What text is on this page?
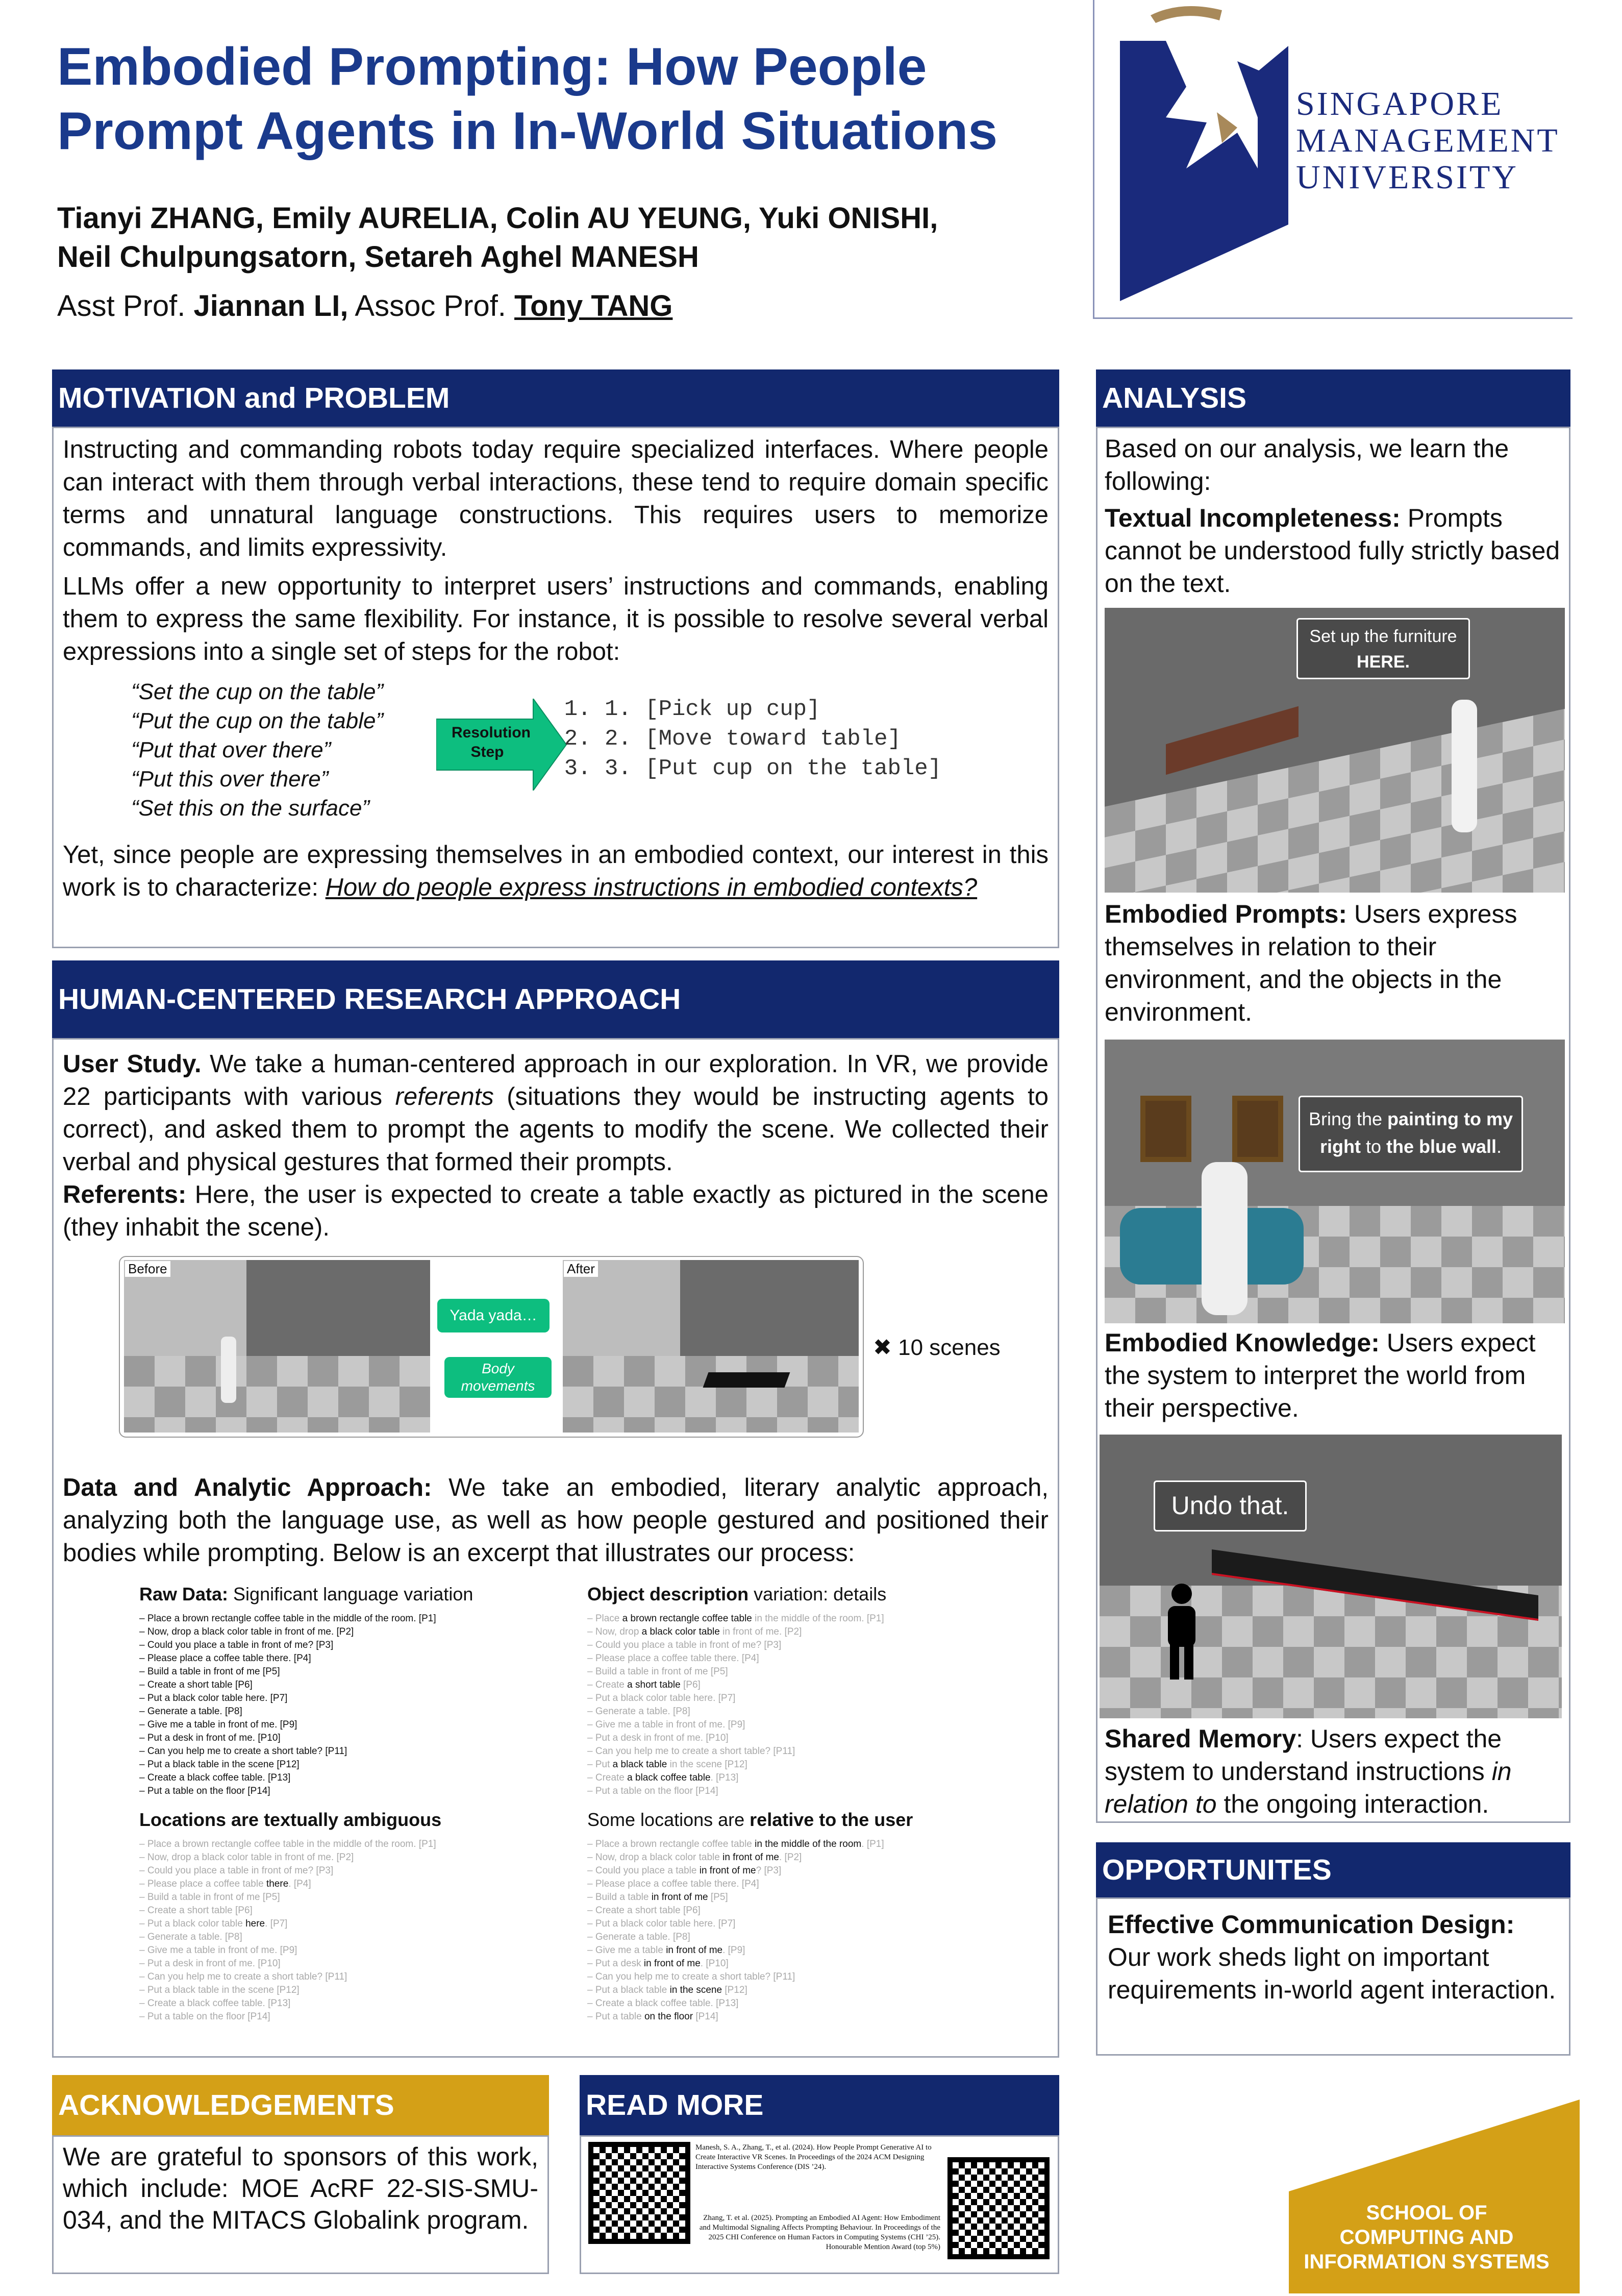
Embodied Prompting: How People
Prompt Agents in In-World Situations
Tianyi ZHANG, Emily AURELIA, Colin AU YEUNG, Yuki ONISHI,
Neil Chulpungsatorn, Setareh Aghel MANESH
Asst Prof. Jiannan LI, Assoc Prof. Tony TANG
SINGAPORE
MANAGEMENT
UNIVERSITY
MOTIVATION and PROBLEM

Instructing and commanding robots today require specialized interfaces. Where people can interact with them through verbal interactions, these tend to require domain specific terms and unnatural language constructions. This requires users to memorize commands, and limits expressivity.

LLMs offer a new opportunity to interpret users’ instructions and commands, enabling them to express the same flexibility. For instance, it is possible to resolve several verbal expressions into a single set of steps for the robot:

“Set the cup on the table”
“Put the cup on the table”
“Put that over there”
“Put this over there”
“Set this on the surface”
Resolution Step
1. 1. [Pick up cup]
2. 2. [Move toward table]
3. 3. [Put cup on the table]

Yet, since people are expressing themselves in an embodied context, our interest in this work is to characterize: How do people express instructions in embodied contexts?

HUMAN-CENTERED RESEARCH APPROACH

User Study. We take a human-centered approach in our exploration. In VR, we provide 22 participants with various referents (situations they would be instructing agents to correct), and asked them to prompt the agents to modify the scene. We collected their verbal and physical gestures that formed their prompts.

Referents: Here, the user is expected to create a table exactly as pictured in the scene (they inhabit the scene).

Before
Yada yada…
Body movements
After
✖ 10 scenes

Data and Analytic Approach: We take an embodied, literary analytic approach, analyzing both the language use, as well as how people gestured and positioned their bodies while prompting. Below is an excerpt that illustrates our process:

Raw Data: Significant language variation
– Place a brown rectangle coffee table in the middle of the room. [P1]
– Now, drop a black color table in front of me. [P2]
– Could you place a table in front of me? [P3]
– Please place a coffee table there. [P4]
– Build a table in front of me [P5]
– Create a short table [P6]
– Put a black color table here. [P7]
– Generate a table. [P8]
– Give me a table in front of me. [P9]
– Put a desk in front of me. [P10]
– Can you help me to create a short table? [P11]
– Put a black table in the scene [P12]
– Create a black coffee table. [P13]
– Put a table on the floor [P14]
Object description variation: details
– Place a brown rectangle coffee table in the middle of the room. [P1]
– Now, drop a black color table in front of me. [P2]
– Could you place a table in front of me? [P3]
– Please place a coffee table there. [P4]
– Build a table in front of me [P5]
– Create a short table [P6]
– Put a black color table here. [P7]
– Generate a table. [P8]
– Give me a table in front of me. [P9]
– Put a desk in front of me. [P10]
– Can you help me to create a short table? [P11]
– Put a black table in the scene [P12]
– Create a black coffee table. [P13]
– Put a table on the floor [P14]
Locations are textually ambiguous
– Place a brown rectangle coffee table in the middle of the room. [P1]
– Now, drop a black color table in front of me. [P2]
– Could you place a table in front of me? [P3]
– Please place a coffee table there. [P4]
– Build a table in front of me [P5]
– Create a short table [P6]
– Put a black color table here. [P7]
– Generate a table. [P8]
– Give me a table in front of me. [P9]
– Put a desk in front of me. [P10]
– Can you help me to create a short table? [P11]
– Put a black table in the scene [P12]
– Create a black coffee table. [P13]
– Put a table on the floor [P14]
Some locations are relative to the user
– Place a brown rectangle coffee table in the middle of the room. [P1]
– Now, drop a black color table in front of me. [P2]
– Could you place a table in front of me? [P3]
– Please place a coffee table there. [P4]
– Build a table in front of me [P5]
– Create a short table [P6]
– Put a black color table here. [P7]
– Generate a table. [P8]
– Give me a table in front of me. [P9]
– Put a desk in front of me. [P10]
– Can you help me to create a short table? [P11]
– Put a black table in the scene [P12]
– Create a black coffee table. [P13]
– Put a table on the floor [P14]
ACKNOWLEDGEMENTS

We are grateful to sponsors of this work, which include: MOE AcRF 22-SIS-SMU-034, and the MITACS Globalink program.

READ MORE
Manesh, S. A., Zhang, T., et al. (2024). How People Prompt Generative AI to Create Interactive VR Scenes. In Proceedings of the 2024 ACM Designing Interactive Systems Conference (DIS ’24).
Zhang, T. et al. (2025). Prompting an Embodied AI Agent: How Embodiment and Multimodal Signaling Affects Prompting Behaviour. In Proceedings of the 2025 CHI Conference on Human Factors in Computing Systems (CHI ’25). Honourable Mention Award (top 5%)
ANALYSIS

Based on our analysis, we learn the following:

Textual Incompleteness: Prompts cannot be understood fully strictly based on the text.

Set up the furniture
HERE.

Embodied Prompts: Users express themselves in relation to their environment, and the objects in the environment.

Bring the painting to my right to the blue wall.

Embodied Knowledge: Users expect the system to interpret the world from their perspective.

Undo that.

Shared Memory: Users expect the system to understand instructions in relation to the ongoing interaction.

OPPORTUNITES
Effective Communication Design: Our work sheds light on important requirements in-world agent interaction.
SCHOOL OF
COMPUTING AND
INFORMATION SYSTEMS
